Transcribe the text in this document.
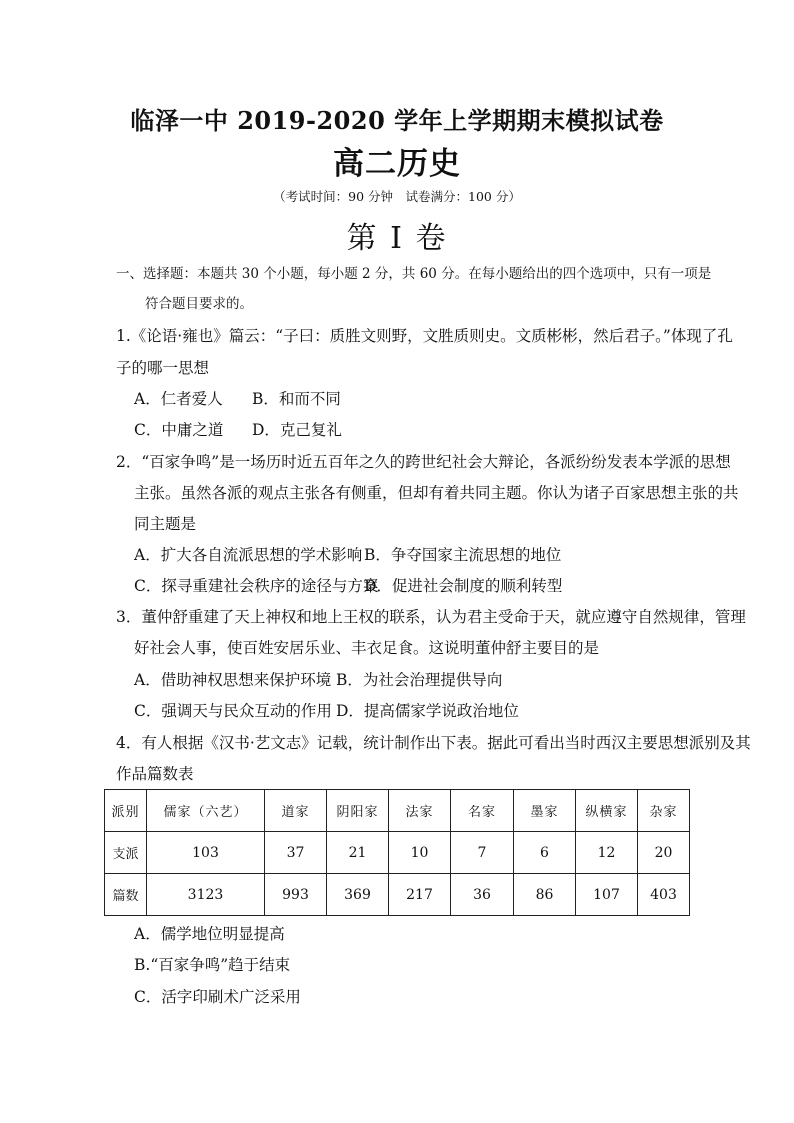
临泽一中 2019-2020 学年上学期期末模拟试卷
高二历史
（考试时间：90 分钟　试卷满分：100 分）
第 I 卷
一、选择题：本题共 30 个小题，每小题 2 分，共 60 分。在每小题给出的四个选项中，只有一项是
符合题目要求的。
1.《论语·雍也》篇云：“子曰：质胜文则野，文胜质则史。文质彬彬，然后君子。”体现了孔
子的哪一思想
A．仁者爱人 B．和而不同
C．中庸之道 D．克己复礼
2．“百家争鸣”是一场历时近五百年之久的跨世纪社会大辩论，各派纷纷发表本学派的思想
主张。虽然各派的观点主张各有侧重，但却有着共同主题。你认为诸子百家思想主张的共
同主题是
A．扩大各自流派思想的学术影响 B．争夺国家主流思想的地位
C．探寻重建社会秩序的途径与方案
D．促进社会制度的顺利转型
3．董仲舒重建了天上神权和地上王权的联系，认为君主受命于天，就应遵守自然规律，管理
好社会人事，使百姓安居乐业、丰衣足食。这说明董仲舒主要目的是
A．借助神权思想来保护环境 B．为社会治理提供导向
C．强调天与民众互动的作用 D．提高儒家学说政治地位
4．有人根据《汉书·艺文志》记载，统计制作出下表。据此可看出当时西汉主要思想派别及其
作品篇数表
派别	儒家（六艺）	道家	阴阳家	法家	名家	墨家	纵横家	杂家
支派	103	37	21	10	7	6	12	20
篇数	3123	993	369	217	36	86	107	403
A．儒学地位明显提高
B.“百家争鸣”趋于结束
C．活字印刷术广泛采用
